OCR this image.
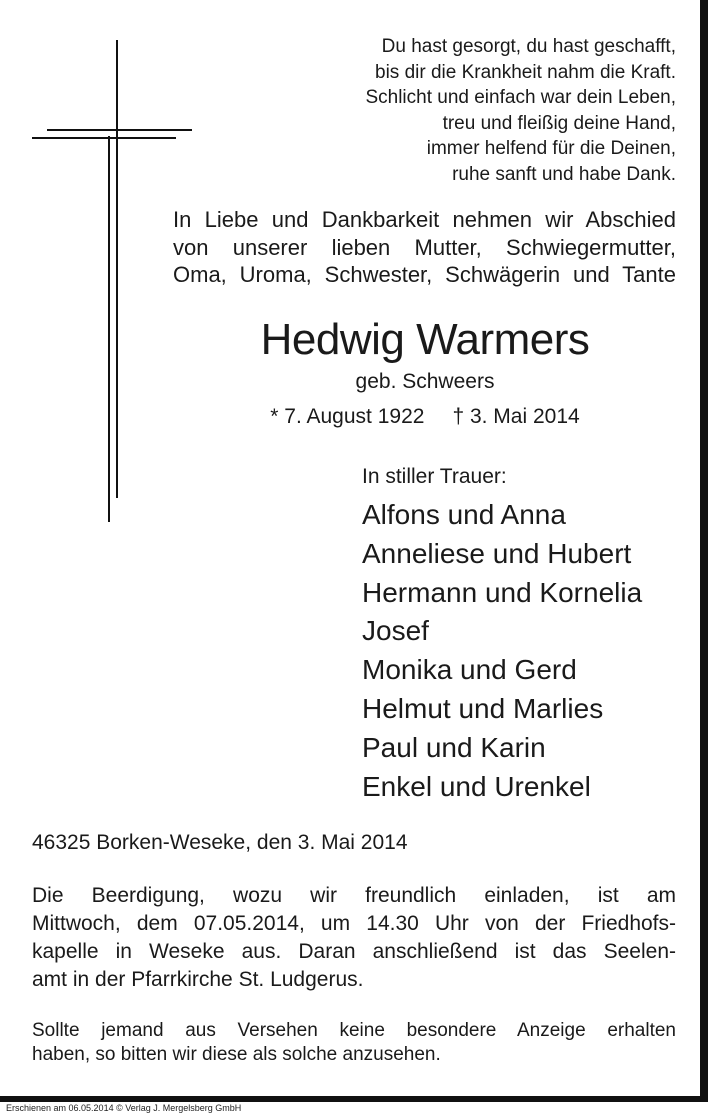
Du hast gesorgt, du hast geschafft,
bis dir die Krankheit nahm die Kraft.
Schlicht und einfach war dein Leben,
treu und fleißig deine Hand,
immer helfend für die Deinen,
ruhe sanft und habe Dank.
In Liebe und Dankbarkeit nehmen wir Abschied
von unserer lieben Mutter, Schwiegermutter,
Oma, Uroma, Schwester, Schwägerin und Tante
Hedwig Warmers
geb. Schweers
* 7. August 1922 † 3. Mai 2014
In stiller Trauer:
Alfons und Anna
Anneliese und Hubert
Hermann und Kornelia
Josef
Monika und Gerd
Helmut und Marlies
Paul und Karin
Enkel und Urenkel
46325 Borken-Weseke, den 3. Mai 2014
Die Beerdigung, wozu wir freundlich einladen, ist am
Mittwoch, dem 07.05.2014, um 14.30 Uhr von der Friedhofs-
kapelle in Weseke aus. Daran anschließend ist das Seelen-
amt in der Pfarrkirche St. Ludgerus.
Sollte jemand aus Versehen keine besondere Anzeige erhalten
haben, so bitten wir diese als solche anzusehen.
Erschienen am 06.05.2014 © Verlag J. Mergelsberg GmbH
